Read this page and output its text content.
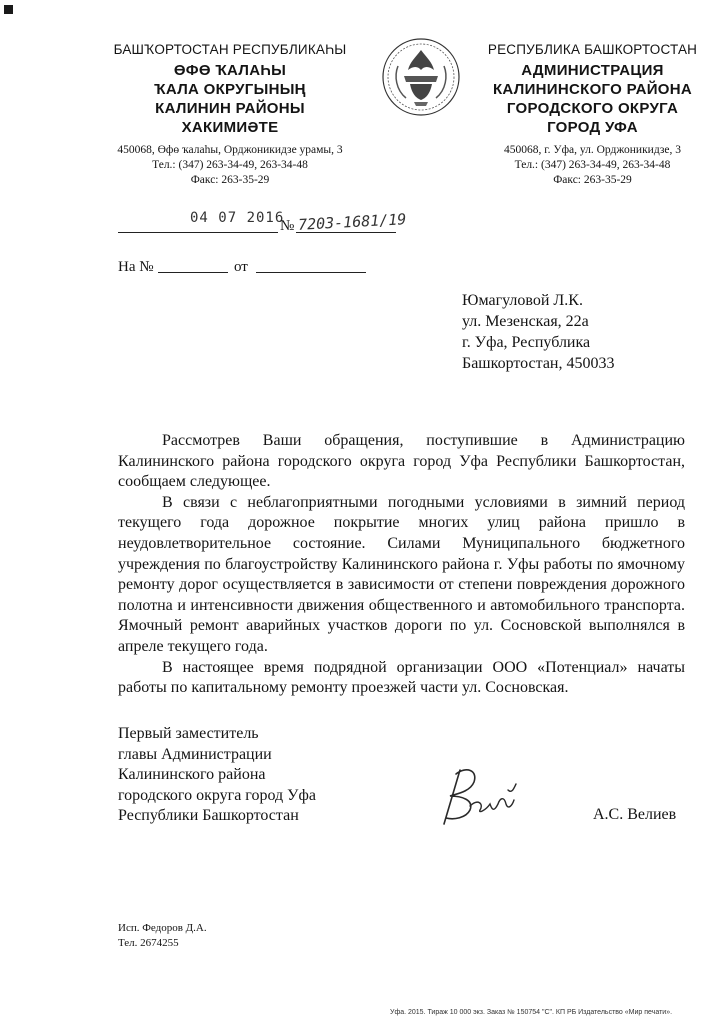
БАШҠОРТОСТАН РЕСПУБЛИКАҺЫ
ӨФӨ ҠАЛАҺЫ
ҠАЛА ОКРУГЫНЫҢ
КАЛИНИН РАЙОНЫ
ХАКИМИӘТЕ
450068, Өфө ҡалаһы, Орджоникидзе урамы, 3
Тел.: (347) 263-34-49, 263-34-48
Факс: 263-35-29
РЕСПУБЛИКА БАШКОРТОСТАН
АДМИНИСТРАЦИЯ
КАЛИНИНСКОГО РАЙОНА
ГОРОДСКОГО ОКРУГА
ГОРОД УФА
450068, г. Уфа, ул. Орджоникидзе, 3
Тел.: (347) 263-34-49, 263-34-48
Факс: 263-35-29
04 07 2016
№ 7203-1681/19
На №	от
Юмагуловой Л.К.
ул. Мезенская, 22а
г. Уфа, Республика
Башкортостан, 450033

Рассмотрев Ваши обращения, поступившие в Администрацию Калининского района городского округа город Уфа Республики Башкортостан, сообщаем следующее.

В связи с неблагоприятными погодными условиями в зимний период текущего года дорожное покрытие многих улиц района пришло в неудовлетворительное состояние. Силами Муниципального бюджетного учреждения по благоустройству Калининского района г. Уфы работы по ямочному ремонту дорог осуществляется в зависимости от степени повреждения дорожного полотна и интенсивности движения общественного и автомобильного транспорта. Ямочный ремонт аварийных участков дороги по ул. Сосновской выполнялся в апреле текущего года.

В настоящее время подрядной организации ООО «Потенциал» начаты работы по капитальному ремонту проезжей части ул. Сосновская.

Первый заместитель
главы Администрации
Калининского района
городского округа город Уфа
Республики Башкортостан	А.С. Велиев
Исп. Федоров Д.А.
Тел. 2674255
Уфа. 2015. Тираж 10 000 экз. Заказ № 150754 "С". КП РБ Издательство «Мир печати».
